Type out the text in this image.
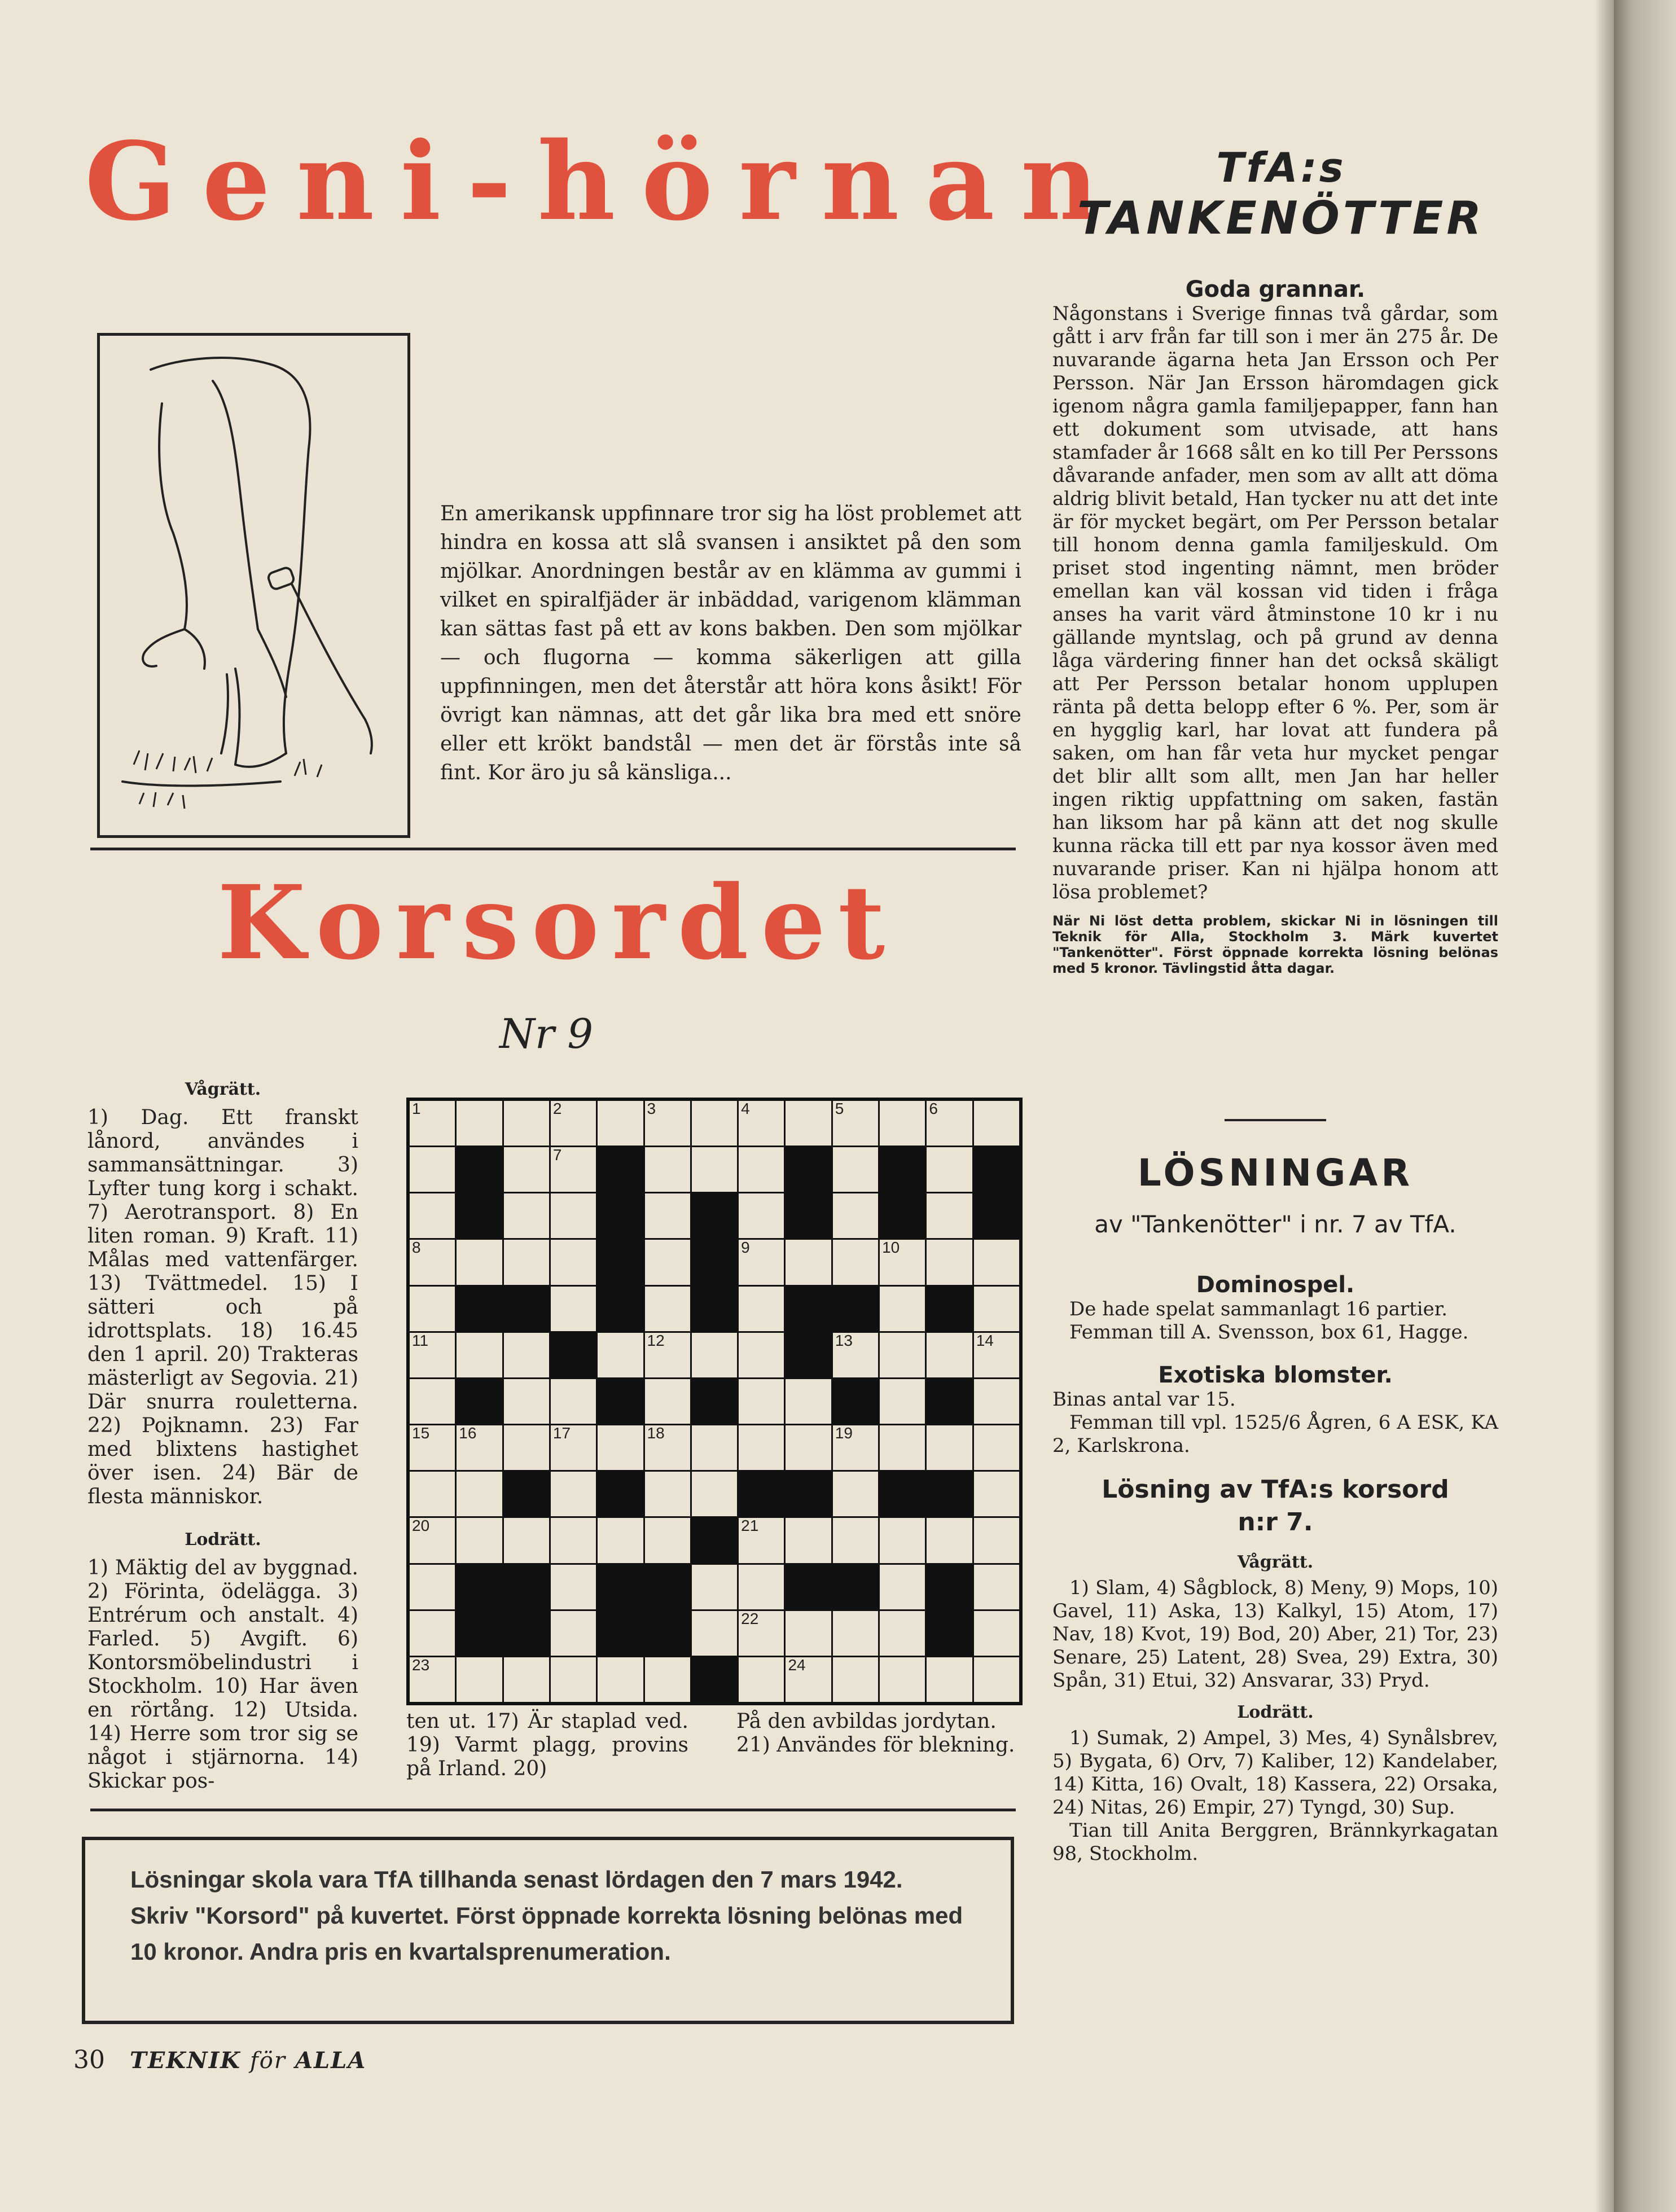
Geni-hörnan
En amerikansk uppfinnare tror sig ha löst problemet att hindra en kossa att slå svansen i ansiktet på den som mjölkar. Anordningen består av en klämma av gummi i vilket en spiralfjäder är inbäddad, varigenom klämman kan sättas fast på ett av kons bakben. Den som mjölkar — och flugorna — komma säkerligen att gilla uppfinningen, men det återstår att höra kons åsikt! För övrigt kan nämnas, att det går lika bra med ett snöre eller ett krökt bandstål — men det är förstås inte så fint. Kor äro ju så känsliga...
Korsordet
Nr 9
Vågrätt.
1) Dag. Ett franskt lånord, användes i sammansättningar. 3) Lyfter tung korg i schakt. 7) Aerotransport. 8) En liten roman. 9) Kraft. 11) Målas med vattenfärger. 13) Tvättmedel. 15) I sätteri och på idrottsplats. 18) 16.45 den 1 april. 20) Trakteras mästerligt av Segovia. 21) Där snurra rouletterna. 22) Pojknamn. 23) Far med blixtens hastighet över isen. 24) Bär de flesta människor.
Lodrätt.
1) Mäktig del av byggnad. 2) Förinta, ödelägga. 3) Entrérum och anstalt. 4) Farled. 5) Avgift. 6) Kontorsmöbelindustri i Stockholm. 10) Har även en rörtång. 12) Utsida. 14) Herre som tror sig se något i stjärnorna. 14) Skickar pos-
1	2	3	4	5	6
7
8	9	10
11	12	13	14
15 16	17	18	19
20	21
22
23	24
ten ut. 17) Är staplad ved. 19) Varmt plagg, provins på Irland. 20)
På den avbildas jordytan. 21) Användes för blekning.

Lösningar skola vara TfA tillhanda senast lördagen den 7 mars 1942. Skriv "Korsord" på kuvertet. Först öppnade korrekta lösning belönas med 10 kronor. Andra pris en kvartalsprenumeration.

TfA:s
TANKENÖTTER

Goda grannar.

Någonstans i Sverige finnas två gårdar, som gått i arv från far till son i mer än 275 år. De nuvarande ägarna heta Jan Ersson och Per Persson. När Jan Ersson häromdagen gick igenom några gamla familjepapper, fann han ett dokument som utvisade, att hans stamfader år 1668 sålt en ko till Per Perssons dåvarande anfader, men som av allt att döma aldrig blivit betald, Han tycker nu att det inte är för mycket begärt, om Per Persson betalar till honom denna gamla familjeskuld. Om priset stod ingenting nämnt, men bröder emellan kan väl kossan vid tiden i fråga anses ha varit värd åtminstone 10 kr i nu gällande myntslag, och på grund av denna låga värdering finner han det också skäligt att Per Persson betalar honom upplupen ränta på detta belopp efter 6 %. Per, som är en hygglig karl, har lovat att fundera på saken, om han får veta hur mycket pengar det blir allt som allt, men Jan har heller ingen riktig uppfattning om saken, fastän han liksom har på känn att det nog skulle kunna räcka till ett par nya kossor även med nuvarande priser. Kan ni hjälpa honom att lösa problemet?

När Ni löst detta problem, skickar Ni in lösningen till Teknik för Alla, Stockholm 3. Märk kuvertet "Tankenötter". Först öppnade korrekta lösning belönas med 5 kronor. Tävlingstid åtta dagar.

LÖSNINGAR

av "Tankenötter" i nr. 7 av TfA.

Dominospel.

De hade spelat sammanlagt 16 partier.

Femman till A. Svensson, box 61, Hagge.

Exotiska blomster.

Binas antal var 15.

Femman till vpl. 1525/6 Ågren, 6 A ESK, KA 2, Karlskrona.

Lösning av TfA:s korsord n:r 7.

Vågrätt.

1) Slam, 4) Sågblock, 8) Meny, 9) Mops, 10) Gavel, 11) Aska, 13) Kalkyl, 15) Atom, 17) Nav, 18) Kvot, 19) Bod, 20) Aber, 21) Tor, 23) Senare, 25) Latent, 28) Svea, 29) Extra, 30) Spån, 31) Etui, 32) Ansvarar, 33) Pryd.

Lodrätt.

1) Sumak, 2) Ampel, 3) Mes, 4) Synålsbrev, 5) Bygata, 6) Orv, 7) Kaliber, 12) Kandelaber, 14) Kitta, 16) Ovalt, 18) Kassera, 22) Orsaka, 24) Nitas, 26) Empir, 27) Tyngd, 30) Sup.

Tian till Anita Berggren, Brännkyrkagatan 98, Stockholm.

30 TEKNIK för ALLA
